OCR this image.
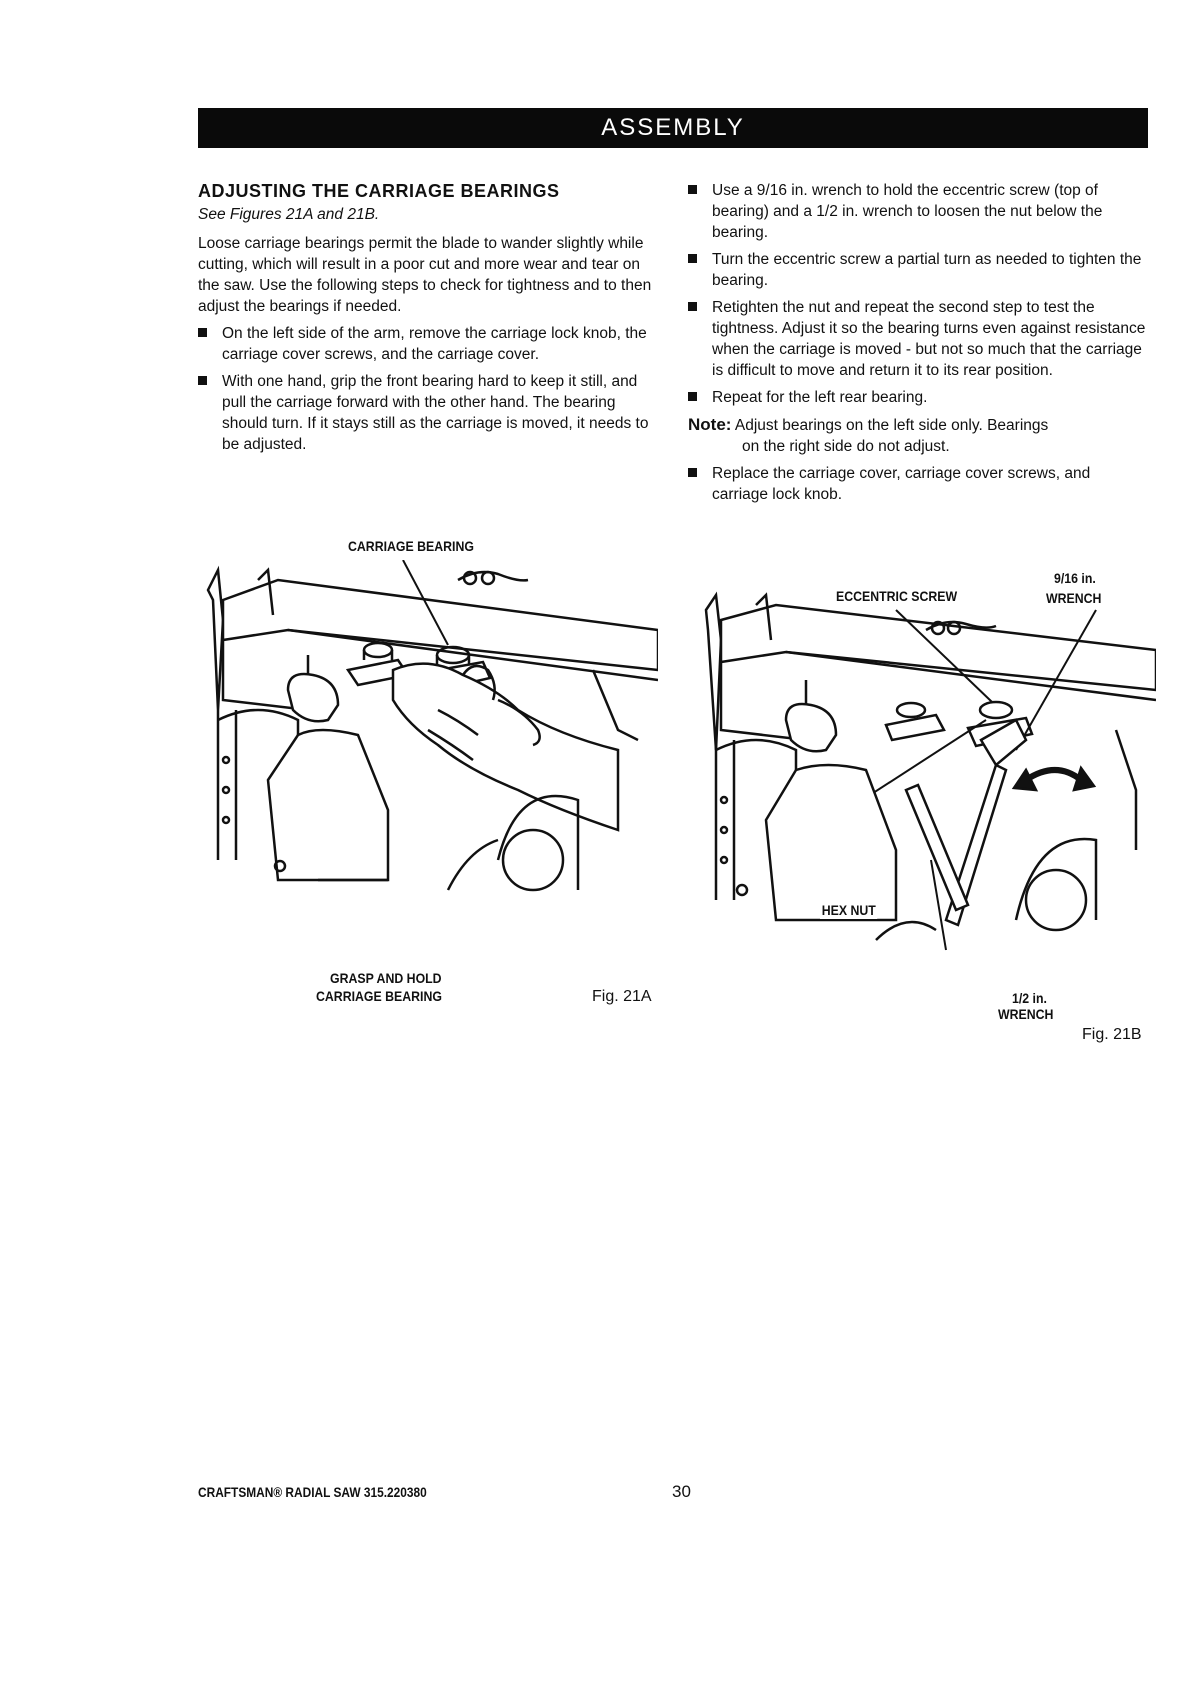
ASSEMBLY

ADJUSTING THE CARRIAGE BEARINGS

See Figures 21A and 21B.

Loose carriage bearings permit the blade to wander slightly while cutting, which will result in a poor cut and more wear and tear on the saw. Use the following steps to check for tightness and to then adjust the bearings if needed.

On the left side of the arm, remove the carriage lock knob, the carriage cover screws, and the carriage cover.
With one hand, grip the front bearing hard to keep it still, and pull the carriage forward with the other hand. The bearing should turn. If it stays still as the carriage is moved, it needs to be adjusted.
Use a 9/16 in. wrench to hold the eccentric screw (top of bearing) and a 1/2 in. wrench to loosen the nut below the bearing.
Turn the eccentric screw a partial turn as needed to tighten the bearing.
Retighten the nut and repeat the second step to test the tightness. Adjust it so the bearing turns even against resistance when the carriage is moved - but not so much that the carriage is difficult to move and return it to its rear position.
Repeat for the left rear bearing.
Note: Adjust bearings on the left side only. Bearings
on the right side do not adjust.
Replace the carriage cover, carriage cover screws, and carriage lock knob.
CARRIAGE BEARING
GRASP AND HOLD
CARRIAGE BEARING	Fig. 21A
9/16 in.
ECCENTRIC SCREW	WRENCH
HEX NUT
1/2 in.
WRENCH
Fig. 21B
CRAFTSMAN® RADIAL SAW 315.220380	30
